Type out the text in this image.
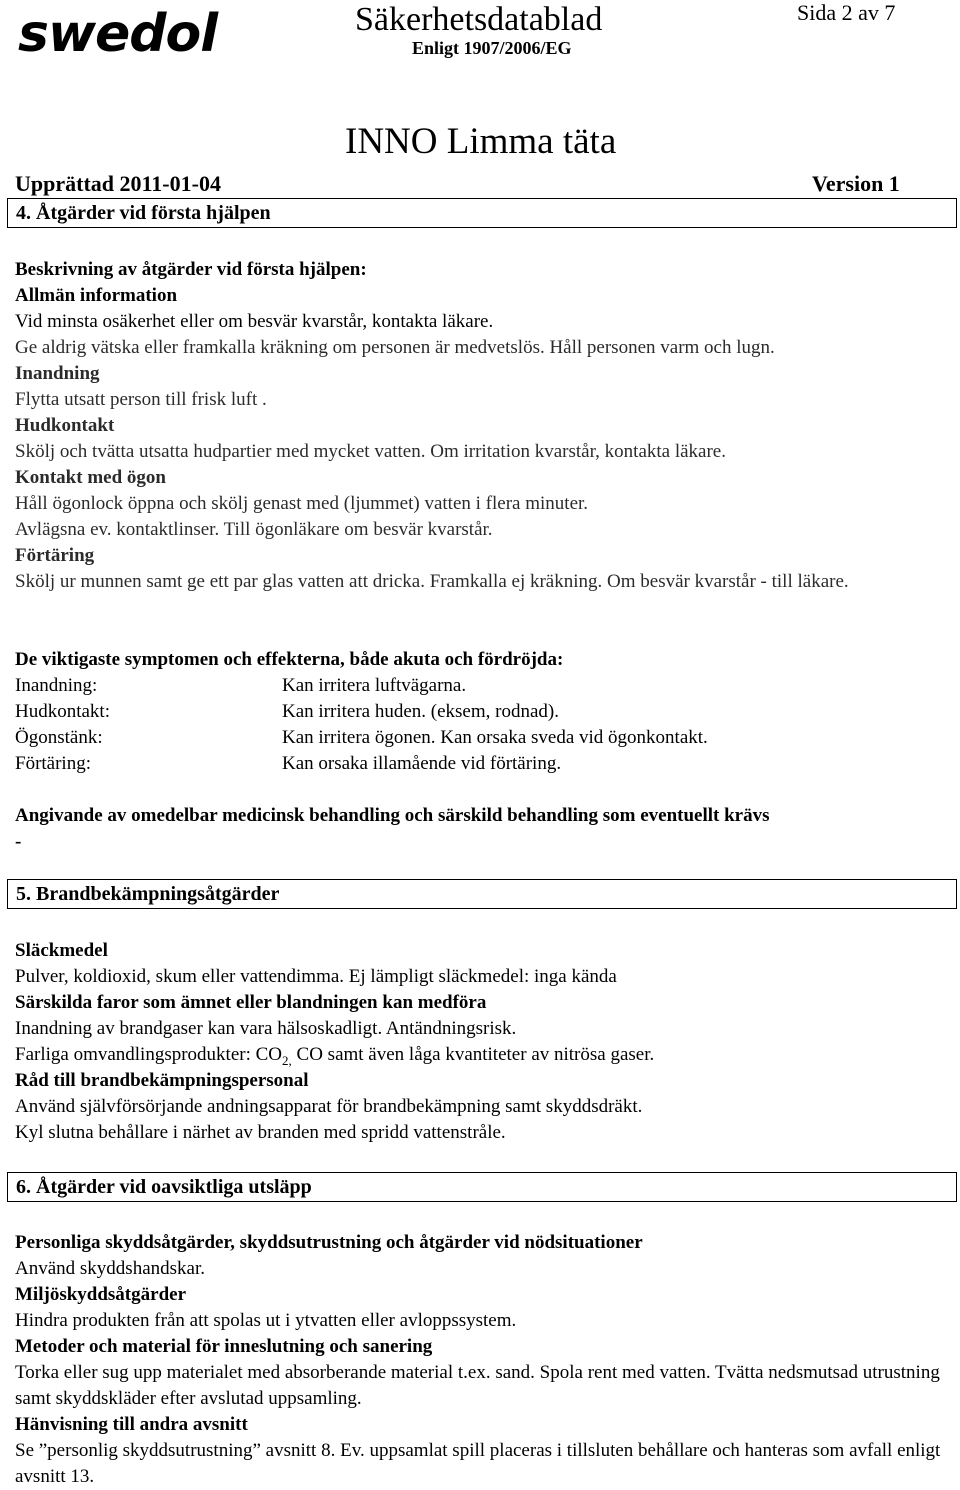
swedol	Säkerhetsdatablad
Enligt 1907/2006/EG
Sida 2 av 7
INNO Limma täta
Upprättad 2011-01-04	Version 1
4. Åtgärder vid första hjälpen
Beskrivning av åtgärder vid första hjälpen:
Allmän information
Vid minsta osäkerhet eller om besvär kvarstår, kontakta läkare.
Ge aldrig vätska eller framkalla kräkning om personen är medvetslös. Håll personen varm och lugn.
Inandning
Flytta utsatt person till frisk luft .
Hudkontakt
Skölj och tvätta utsatta hudpartier med mycket vatten. Om irritation kvarstår, kontakta läkare.
Kontakt med ögon
Håll ögonlock öppna och skölj genast med (ljummet) vatten i flera minuter.
Avlägsna ev. kontaktlinser. Till ögonläkare om besvär kvarstår.
Förtäring
Skölj ur munnen samt ge ett par glas vatten att dricka. Framkalla ej kräkning. Om besvär kvarstår - till läkare.
De viktigaste symptomen och effekterna, både akuta och fördröjda:
Inandning:	Kan irritera luftvägarna.
Hudkontakt:	Kan irritera huden. (eksem, rodnad).
Ögonstänk:	Kan irritera ögonen. Kan orsaka sveda vid ögonkontakt.
Förtäring:	Kan orsaka illamående vid förtäring.
Angivande av omedelbar medicinsk behandling och särskild behandling som eventuellt krävs
-
5. Brandbekämpningsåtgärder
Släckmedel
Pulver, koldioxid, skum eller vattendimma. Ej lämpligt släckmedel: inga kända
Särskilda faror som ämnet eller blandningen kan medföra
Inandning av brandgaser kan vara hälsoskadligt. Antändningsrisk.
Farliga omvandlingsprodukter: $CO_{2,}$ CO samt även låga kvantiteter av nitrösa gaser.
Råd till brandbekämpningspersonal
Använd självförsörjande andningsapparat för brandbekämpning samt skyddsdräkt.
Kyl slutna behållare i närhet av branden med spridd vattenstråle.
6. Åtgärder vid oavsiktliga utsläpp
Personliga skyddsåtgärder, skyddsutrustning och åtgärder vid nödsituationer
Använd skyddshandskar.
Miljöskyddsåtgärder
Hindra produkten från att spolas ut i ytvatten eller avloppssystem.
Metoder och material för inneslutning och sanering
Torka eller sug upp materialet med absorberande material t.ex. sand. Spola rent med vatten. Tvätta nedsmutsad utrustning samt skyddskläder efter avslutad uppsamling.
Hänvisning till andra avsnitt
Se ”personlig skyddsutrustning” avsnitt 8. Ev. uppsamlat spill placeras i tillsluten behållare och hanteras som avfall enligt avsnitt 13.
